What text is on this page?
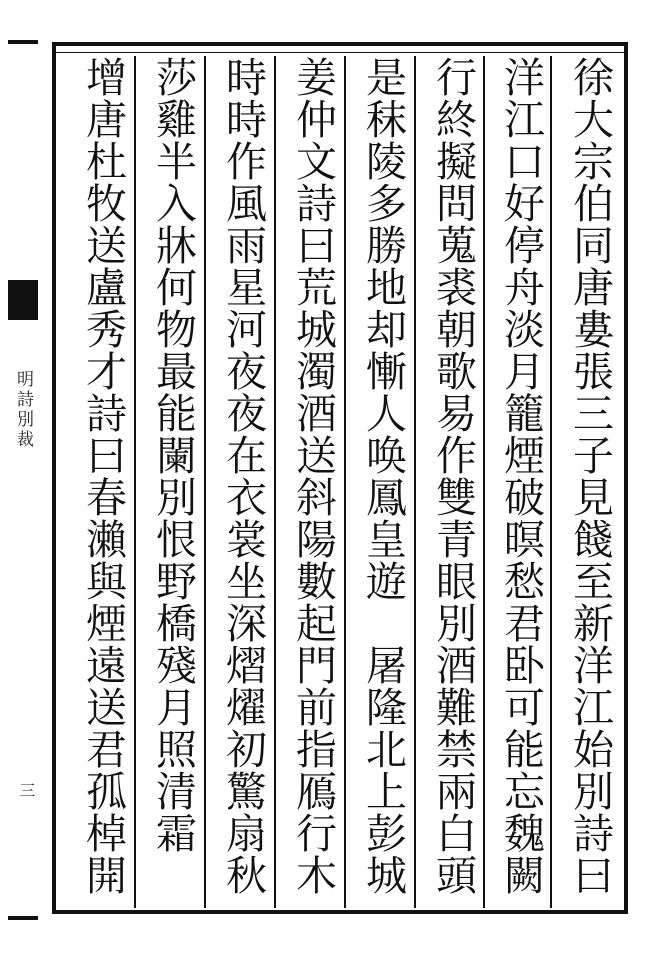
明詩別裁
三
徐大宗伯同唐婁張三子見餞至新洋江始別詩曰
洋江口好停舟淡月籠煙破暝愁君卧可能忘魏闕
行終擬問蒐裘朝歌易作雙青眼別酒難禁兩白頭
是秣陵多勝地却慚人唤鳳皇遊　屠隆北上彭城
姜仲文詩曰荒城濁酒送斜陽數起門前指鴈行木
時時作風雨星河夜夜在衣裳坐深熠燿初驚扇秋
莎雞半入牀何物最能闌別恨野橋殘月照清霜
增唐杜牧送盧秀才詩曰春瀨與煙遠送君孤棹開
